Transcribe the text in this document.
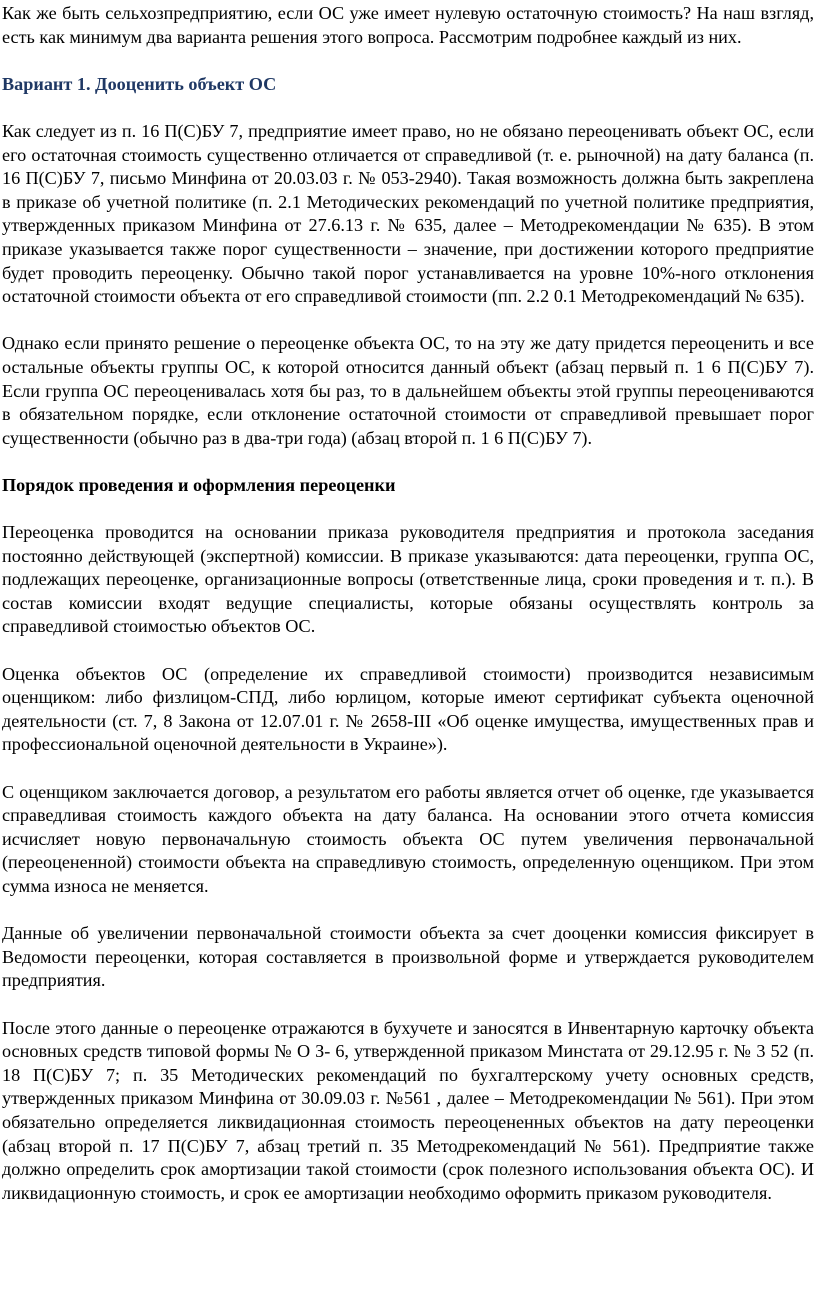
Как же быть сельхозпредприятию, если ОС уже имеет нулевую остаточную стоимость? На наш взгляд, есть как минимум два варианта решения этого вопроса. Рассмотрим подробнее каждый из них.

Вариант 1. Дооценить объект ОС

Как следует из п. 16 П(С)БУ 7, предприятие имеет право, но не обязано переоценивать объект ОС, если его остаточная стоимость существенно отличается от справедливой (т. е. рыночной) на дату баланса (п. 16 П(С)БУ 7, письмо Минфина от 20.03.03 г. № 053-2940). Такая возможность должна быть закреплена в приказе об учетной политике (п. 2.1 Методических рекомендаций по учетной политике предприятия, утвержденных приказом Минфина от 27.6.13 г. № 635, далее – Методрекомендации № 635). В этом приказе указывается также порог существенности – значение, при достижении которого предприятие будет проводить переоценку. Обычно такой порог устанавливается на уровне 10%-ного отклонения остаточной стоимости объекта от его справедливой стоимости (пп. 2.2 0.1 Методрекомендаций № 635).

Однако если принято решение о переоценке объекта ОС, то на эту же дату придется переоценить и все остальные объекты группы ОС, к которой относится данный объект (абзац первый п. 1 6 П(С)БУ 7). Если группа ОС переоценивалась хотя бы раз, то в дальнейшем объекты этой группы переоцениваются в обязательном порядке, если отклонение остаточной стоимости от справедливой превышает порог существенности (обычно раз в два-три года) (абзац второй п. 1 6 П(С)БУ 7).

Порядок проведения и оформления переоценки

Переоценка проводится на основании приказа руководителя предприятия и протокола заседания постоянно действующей (экспертной) комиссии. В приказе указываются: дата переоценки, группа ОС, подлежащих переоценке, организационные вопросы (ответственные лица, сроки проведения и т. п.). В состав комиссии входят ведущие специалисты, которые обязаны осуществлять контроль за справедливой стоимостью объектов ОС.

Оценка объектов ОС (определение их справедливой стоимости) производится независимым оценщиком: либо физлицом-СПД, либо юрлицом, которые имеют сертификат субъекта оценочной деятельности (ст. 7, 8 Закона от 12.07.01 г. № 2658-III «Об оценке имущества, имущественных прав и профессиональной оценочной деятельности в Украине»).

С оценщиком заключается договор, а результатом его работы является отчет об оценке, где указывается справедливая стоимость каждого объекта на дату баланса. На основании этого отчета комиссия исчисляет новую первоначальную стоимость объекта ОС путем увеличения первоначальной (переоцененной) стоимости объекта на справедливую стоимость, определенную оценщиком. При этом сумма износа не меняется.

Данные об увеличении первоначальной стоимости объекта за счет дооценки комиссия фиксирует в Ведомости переоценки, которая составляется в произвольной форме и утверждается руководителем предприятия.

После этого данные о переоценке отражаются в бухучете и заносятся в Инвентарную карточку объекта основных средств типовой формы № О З- 6, утвержденной приказом Минстата от 29.12.95 г. № 3 52 (п. 18 П(С)БУ 7; п. 35 Методических рекомендаций по бухгалтерскому учету основных средств, утвержденных приказом Минфина от 30.09.03 г. №561 , далее – Методрекомендации № 561). При этом обязательно определяется ликвидационная стоимость переоцененных объектов на дату переоценки (абзац второй п. 17 П(С)БУ 7, абзац третий п. 35 Методрекомендаций № 561). Предприятие также должно определить срок амортизации такой стоимости (срок полезного использования объекта ОС). И ликвидационную стоимость, и срок ее амортизации необходимо оформить приказом руководителя.
